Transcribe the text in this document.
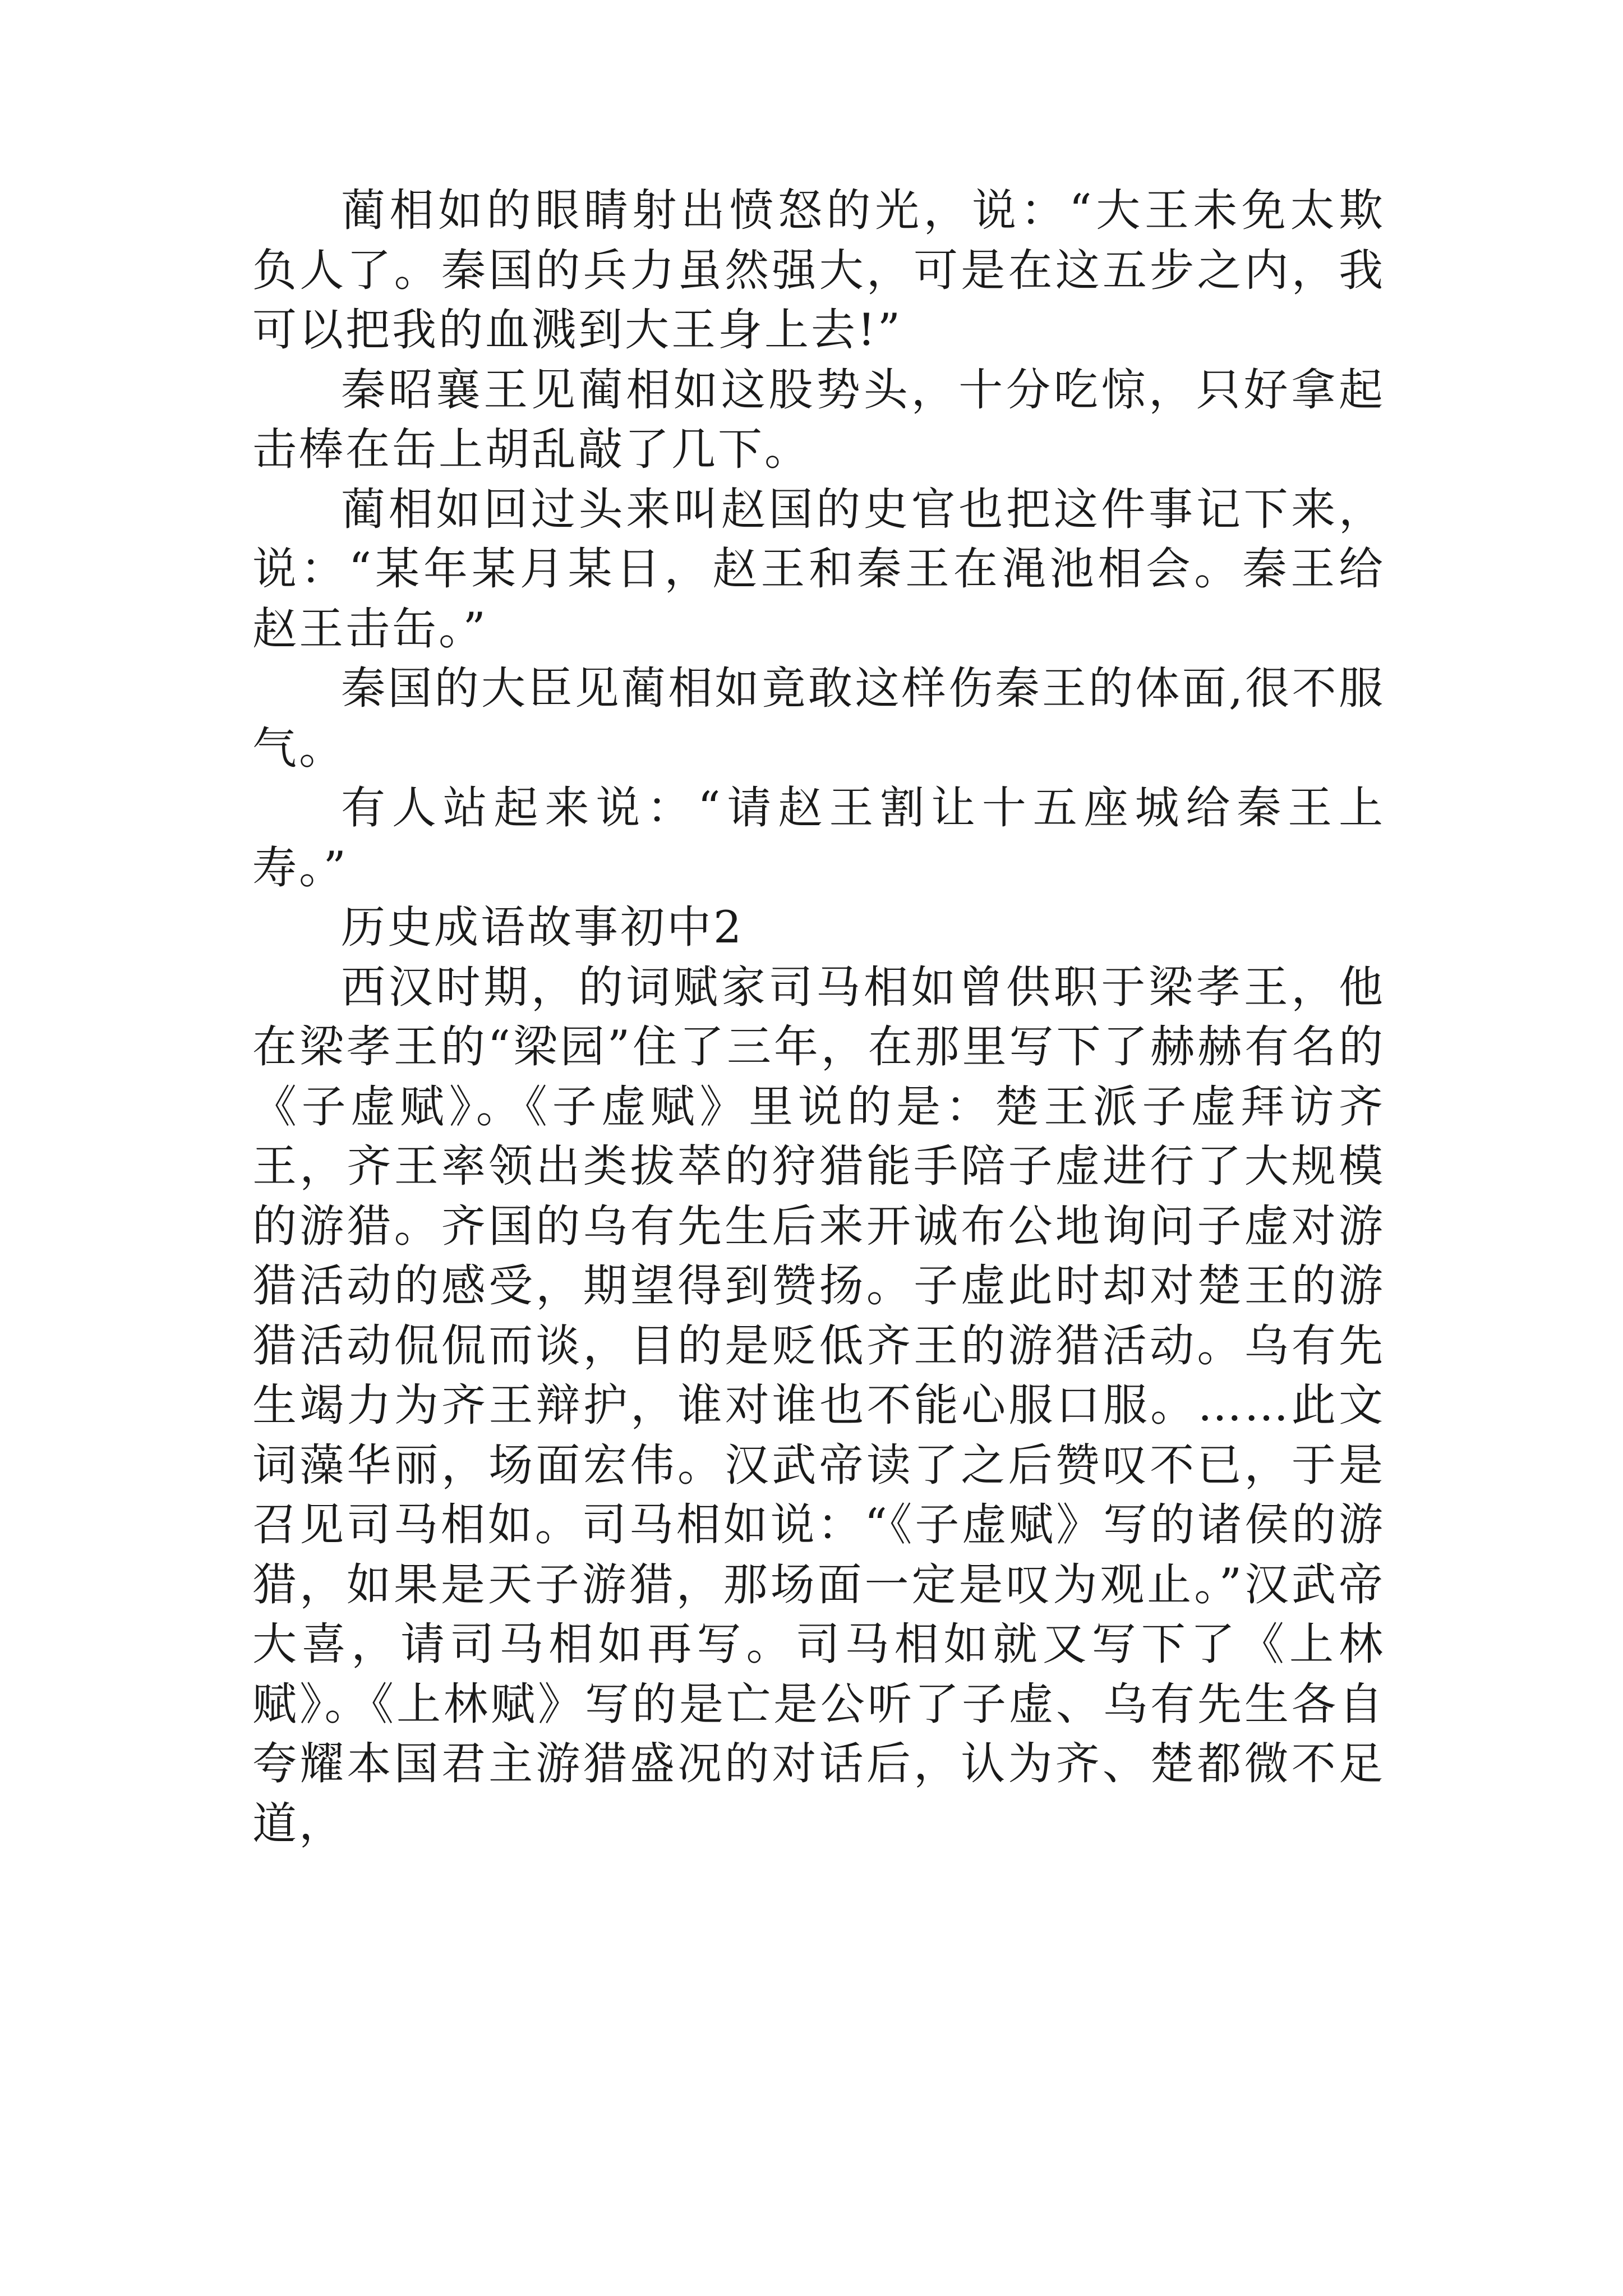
蔺相如的眼睛射出愤怒的光，说：“大王未免太欺负人了。秦国的兵力虽然强大，可是在这五步之内，我可以把我的血溅到大王身上去!”

秦昭襄王见蔺相如这股势头，十分吃惊，只好拿起击棒在缶上胡乱敲了几下。

蔺相如回过头来叫赵国的史官也把这件事记下来，说：“某年某月某日，赵王和秦王在渑池相会。秦王给赵王击缶。”

秦国的大臣见蔺相如竟敢这样伤秦王的体面,很不服气。

有人站起来说：“请赵王割让十五座城给秦王上寿。”

历史成语故事初中2

西汉时期，的词赋家司马相如曾供职于梁孝王，他在梁孝王的“梁园”住了三年，在那里写下了赫赫有名的《子虚赋》。《子虚赋》里说的是：楚王派子虚拜访齐王，齐王率领出类拔萃的狩猎能手陪子虚进行了大规模的游猎。齐国的乌有先生后来开诚布公地询问子虚对游猎活动的感受，期望得到赞扬。子虚此时却对楚王的游猎活动侃侃而谈，目的是贬低齐王的游猎活动。乌有先生竭力为齐王辩护，谁对谁也不能心服口服。……此文词藻华丽，场面宏伟。汉武帝读了之后赞叹不已，于是召见司马相如。司马相如说：“《子虚赋》写的诸侯的游猎，如果是天子游猎，那场面一定是叹为观止。”汉武帝大喜，请司马相如再写。司马相如就又写下了《上林赋》。《上林赋》写的是亡是公听了子虚、乌有先生各自夸耀本国君主游猎盛况的对话后，认为齐、楚都微不足道，
